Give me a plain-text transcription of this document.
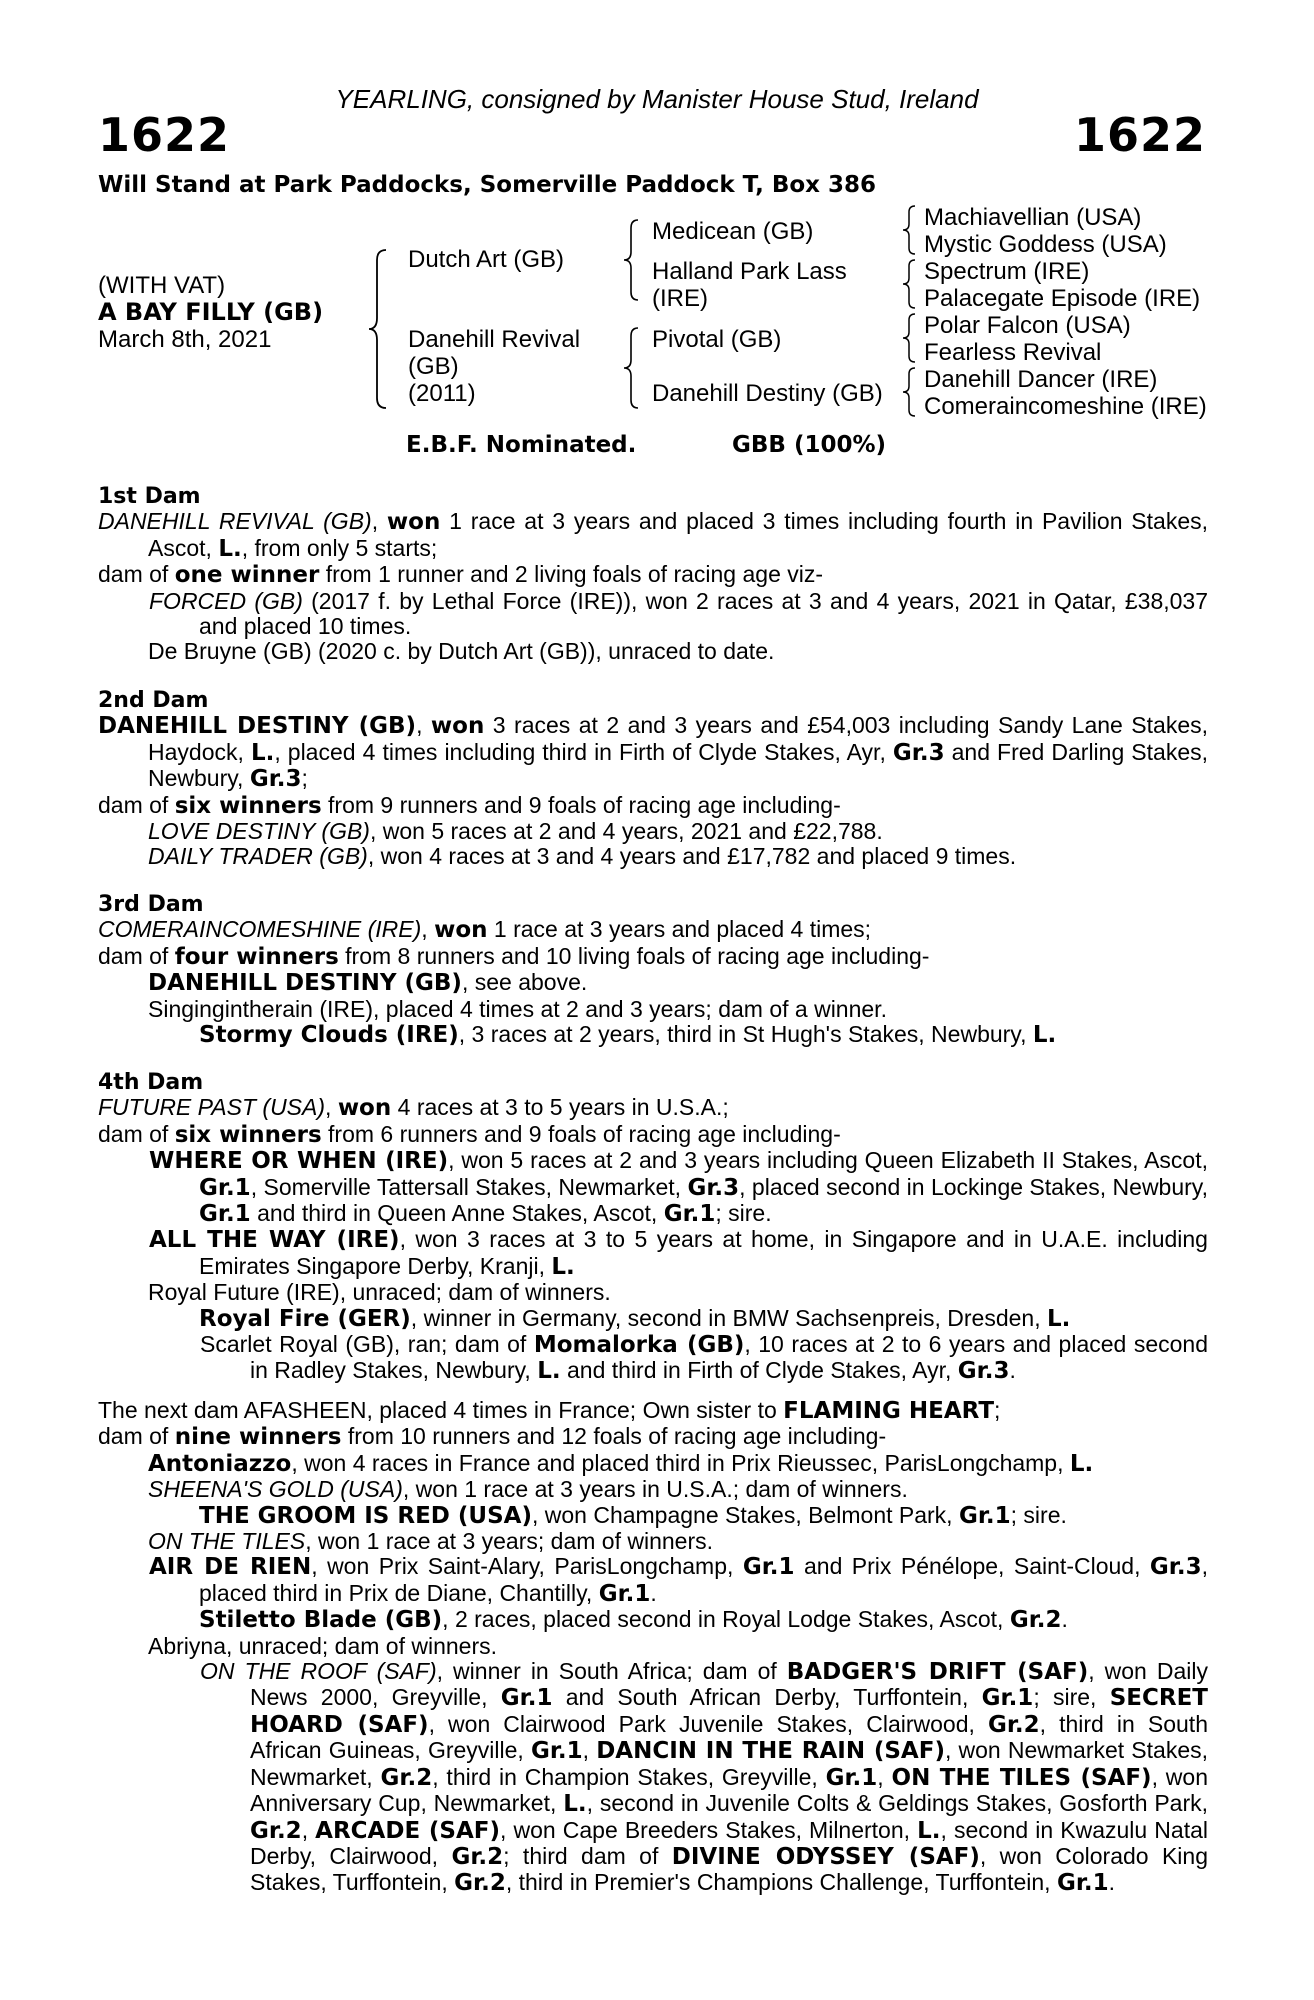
YEARLING, consigned by Manister House Stud, Ireland
1622	1622
Will Stand at Park Paddocks, Somerville Paddock T, Box 386
(WITH VAT)
A BAY FILLY (GB)
March 8th, 2021
Dutch Art (GB)
Danehill Revival
(GB)
(2011)
Medicean (GB)
Halland Park Lass
(IRE)
Pivotal (GB)
Danehill Destiny (GB)
Machiavellian (USA)
Mystic Goddess (USA)
Spectrum (IRE)
Palacegate Episode (IRE)
Polar Falcon (USA)
Fearless Revival
Danehill Dancer (IRE)
Comeraincomeshine (IRE)
E.B.F. Nominated.	GBB (100%)

1st Dam

DANEHILL REVIVAL (GB), won 1 race at 3 years and placed 3 times including fourth in Pavilion Stakes, Ascot, L., from only 5 starts;

dam of one winner from 1 runner and 2 living foals of racing age viz-

FORCED (GB) (2017 f. by Lethal Force (IRE)), won 2 races at 3 and 4 years, 2021 in Qatar, £38,037 and placed 10 times.

De Bruyne (GB) (2020 c. by Dutch Art (GB)), unraced to date.

2nd Dam

DANEHILL DESTINY (GB), won 3 races at 2 and 3 years and £54,003 including Sandy Lane Stakes, Haydock, L., placed 4 times including third in Firth of Clyde Stakes, Ayr, Gr.3 and Fred Darling Stakes, Newbury, Gr.3;

dam of six winners from 9 runners and 9 foals of racing age including-

LOVE DESTINY (GB), won 5 races at 2 and 4 years, 2021 and £22,788.

DAILY TRADER (GB), won 4 races at 3 and 4 years and £17,782 and placed 9 times.

3rd Dam

COMERAINCOMESHINE (IRE), won 1 race at 3 years and placed 4 times;

dam of four winners from 8 runners and 10 living foals of racing age including-

DANEHILL DESTINY (GB), see above.

Singingintherain (IRE), placed 4 times at 2 and 3 years; dam of a winner.

Stormy Clouds (IRE), 3 races at 2 years, third in St Hugh's Stakes, Newbury, L.

4th Dam

FUTURE PAST (USA), won 4 races at 3 to 5 years in U.S.A.;

dam of six winners from 6 runners and 9 foals of racing age including-

WHERE OR WHEN (IRE), won 5 races at 2 and 3 years including Queen Elizabeth II Stakes, Ascot, Gr.1, Somerville Tattersall Stakes, Newmarket, Gr.3, placed second in Lockinge Stakes, Newbury, Gr.1 and third in Queen Anne Stakes, Ascot, Gr.1; sire.

ALL THE WAY (IRE), won 3 races at 3 to 5 years at home, in Singapore and in U.A.E. including Emirates Singapore Derby, Kranji, L.

Royal Future (IRE), unraced; dam of winners.

Royal Fire (GER), winner in Germany, second in BMW Sachsenpreis, Dresden, L.

Scarlet Royal (GB), ran; dam of Momalorka (GB), 10 races at 2 to 6 years and placed second in Radley Stakes, Newbury, L. and third in Firth of Clyde Stakes, Ayr, Gr.3.

The next dam AFASHEEN, placed 4 times in France; Own sister to FLAMING HEART;

dam of nine winners from 10 runners and 12 foals of racing age including-

Antoniazzo, won 4 races in France and placed third in Prix Rieussec, ParisLongchamp, L.

SHEENA'S GOLD (USA), won 1 race at 3 years in U.S.A.; dam of winners.

THE GROOM IS RED (USA), won Champagne Stakes, Belmont Park, Gr.1; sire.

ON THE TILES, won 1 race at 3 years; dam of winners.

AIR DE RIEN, won Prix Saint-Alary, ParisLongchamp, Gr.1 and Prix Pénélope, Saint-Cloud, Gr.3, placed third in Prix de Diane, Chantilly, Gr.1.

Stiletto Blade (GB), 2 races, placed second in Royal Lodge Stakes, Ascot, Gr.2.

Abriyna, unraced; dam of winners.

ON THE ROOF (SAF), winner in South Africa; dam of BADGER'S DRIFT (SAF), won Daily News 2000, Greyville, Gr.1 and South African Derby, Turffontein, Gr.1; sire, SECRET HOARD (SAF), won Clairwood Park Juvenile Stakes, Clairwood, Gr.2, third in South African Guineas, Greyville, Gr.1, DANCIN IN THE RAIN (SAF), won Newmarket Stakes, Newmarket, Gr.2, third in Champion Stakes, Greyville, Gr.1, ON THE TILES (SAF), won Anniversary Cup, Newmarket, L., second in Juvenile Colts & Geldings Stakes, Gosforth Park, Gr.2, ARCADE (SAF), won Cape Breeders Stakes, Milnerton, L., second in Kwazulu Natal Derby, Clairwood, Gr.2; third dam of DIVINE ODYSSEY (SAF), won Colorado King Stakes, Turffontein, Gr.2, third in Premier's Champions Challenge, Turffontein, Gr.1.
